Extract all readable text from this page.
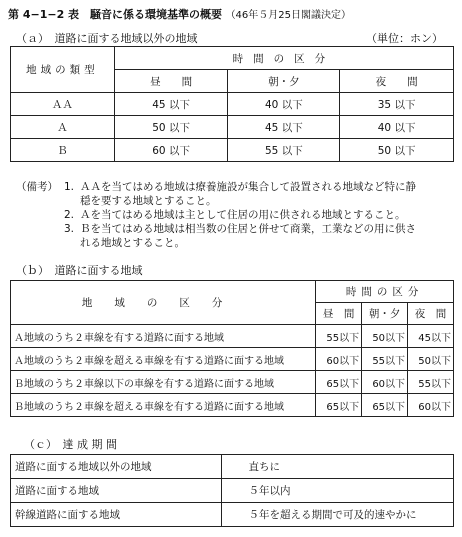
第 4−1−2 表　騒音に係る環境基準の概要 （46年５月25日閣議決定）
（ａ）　道路に面する地域以外の地域	（単位：ホン）
地域の類型	時間の区分		
	昼　　間	朝・夕	夜　　間
ＡＡ	45 以下	40 以下	35 以下
Ａ	50 以下	45 以下	40 以下
Ｂ	60 以下	55 以下	50 以下
（備考） 1. ＡＡを当てはめる地域は療養施設が集合して設置される地域など特に静
穏を要する地域とすること。
2. Ａを当てはめる地域は主として住居の用に供される地域とすること。
3. Ｂを当てはめる地域は相当数の住居と併せて商業，工業などの用に供さ
れる地域とすること。
（ｂ）　道路に面する地域
地域の区分	時間の区分		
	昼　間	朝・夕	夜　間
Ａ地域のうち２車線を有する道路に面する地域	55以下	50以下	45以下
Ａ地域のうち２車線を超える車線を有する道路に面する地域	60以下	55以下	50以下
Ｂ地域のうち２車線以下の車線を有する道路に面する地域	65以下	60以下	55以下
Ｂ地域のうち２車線を超える車線を有する道路に面する地域	65以下	65以下	60以下
（ｃ）　達 成 期 間
道路に面する地域以外の地域	直ちに
道路に面する地域	５年以内
幹線道路に面する地域	５年を超える期間で可及的速やかに
